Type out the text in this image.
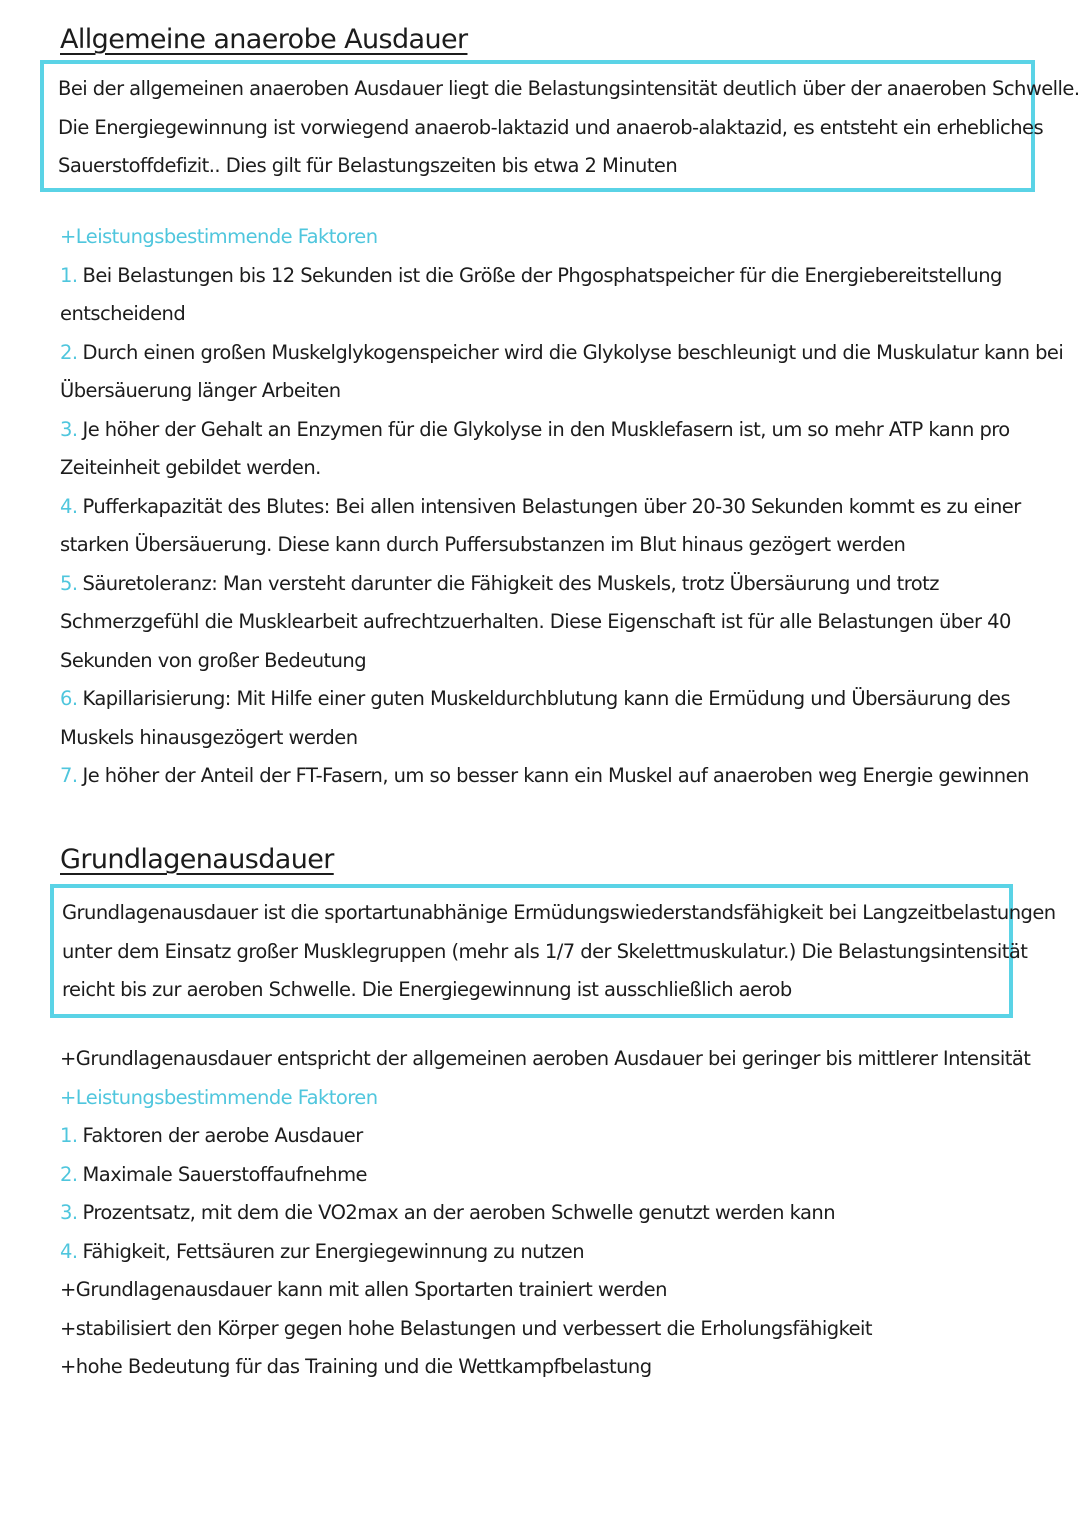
Allgemeine anaerobe Ausdauer
Bei der allgemeinen anaeroben Ausdauer liegt die Belastungsintensität deutlich über der anaeroben Schwelle.
Die Energiegewinnung ist vorwiegend anaerob-laktazid und anaerob-alaktazid, es entsteht ein erhebliches
Sauerstoffdefizit.. Dies gilt für Belastungszeiten bis etwa 2 Minuten
+Leistungsbestimmende Faktoren
1. Bei Belastungen bis 12 Sekunden ist die Größe der Phgosphatspeicher für die Energiebereitstellung
entscheidend
2. Durch einen großen Muskelglykogenspeicher wird die Glykolyse beschleunigt und die Muskulatur kann bei
Übersäuerung länger Arbeiten
3. Je höher der Gehalt an Enzymen für die Glykolyse in den Musklefasern ist, um so mehr ATP kann pro
Zeiteinheit gebildet werden.
4. Pufferkapazität des Blutes: Bei allen intensiven Belastungen über 20-30 Sekunden kommt es zu einer
starken Übersäuerung. Diese kann durch Puffersubstanzen im Blut hinaus gezögert werden
5. Säuretoleranz: Man versteht darunter die Fähigkeit des Muskels, trotz Übersäurung und trotz
Schmerzgefühl die Musklearbeit aufrechtzuerhalten. Diese Eigenschaft ist für alle Belastungen über 40
Sekunden von großer Bedeutung
6. Kapillarisierung: Mit Hilfe einer guten Muskeldurchblutung kann die Ermüdung und Übersäurung des
Muskels hinausgezögert werden
7. Je höher der Anteil der FT-Fasern, um so besser kann ein Muskel auf anaeroben weg Energie gewinnen
Grundlagenausdauer
Grundlagenausdauer ist die sportartunabhänige Ermüdungswiederstandsfähigkeit bei Langzeitbelastungen
unter dem Einsatz großer Musklegruppen (mehr als 1/7 der Skelettmuskulatur.) Die Belastungsintensität
reicht bis zur aeroben Schwelle. Die Energiegewinnung ist ausschließlich aerob
+Grundlagenausdauer entspricht der allgemeinen aeroben Ausdauer bei geringer bis mittlerer Intensität
+Leistungsbestimmende Faktoren
1. Faktoren der aerobe Ausdauer
2. Maximale Sauerstoffaufnehme
3. Prozentsatz, mit dem die VO2max an der aeroben Schwelle genutzt werden kann
4. Fähigkeit, Fettsäuren zur Energiegewinnung zu nutzen
+Grundlagenausdauer kann mit allen Sportarten trainiert werden
+stabilisiert den Körper gegen hohe Belastungen und verbessert die Erholungsfähigkeit
+hohe Bedeutung für das Training und die Wettkampfbelastung
